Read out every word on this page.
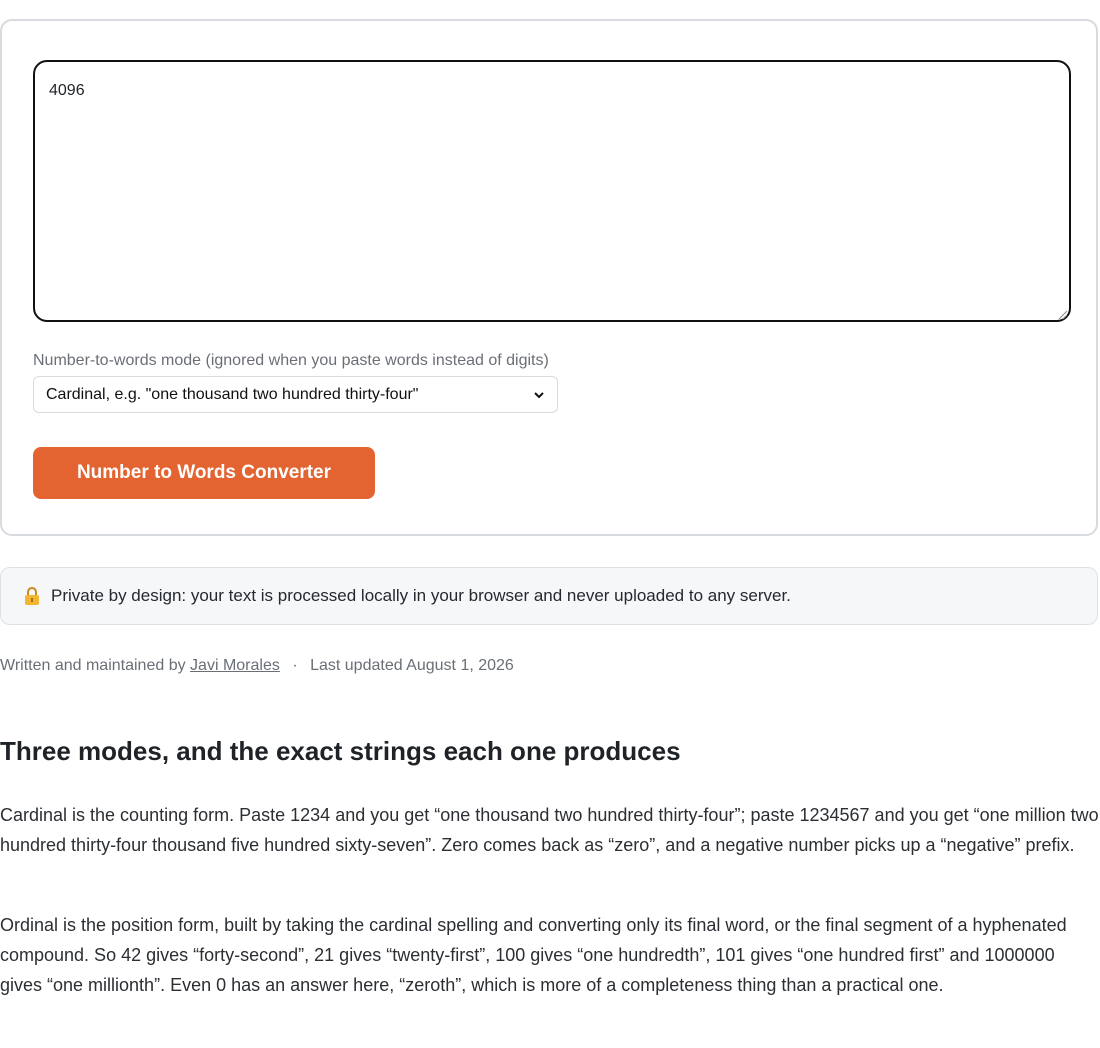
4096
Number-to-words mode (ignored when you paste words instead of digits)
Cardinal, e.g. "one thousand two hundred thirty-four"
Number to Words Converter
Private by design: your text is processed locally in your browser and never uploaded to any server.
Written and maintained by Javi Morales · Last updated August 1, 2026
Three modes, and the exact strings each one produces

Cardinal is the counting form. Paste 1234 and you get “one thousand two hundred thirty-four”; paste 1234567 and you get “one million two hundred thirty-four thousand five hundred sixty-seven”. Zero comes back as “zero”, and a negative number picks up a “negative” prefix.

Ordinal is the position form, built by taking the cardinal spelling and converting only its final word, or the final segment of a hyphenated compound. So 42 gives “forty-second”, 21 gives “twenty-first”, 100 gives “one hundredth”, 101 gives “one hundred first” and 1000000 gives “one millionth”. Even 0 has an answer here, “zeroth”, which is more of a completeness thing than a practical one.
